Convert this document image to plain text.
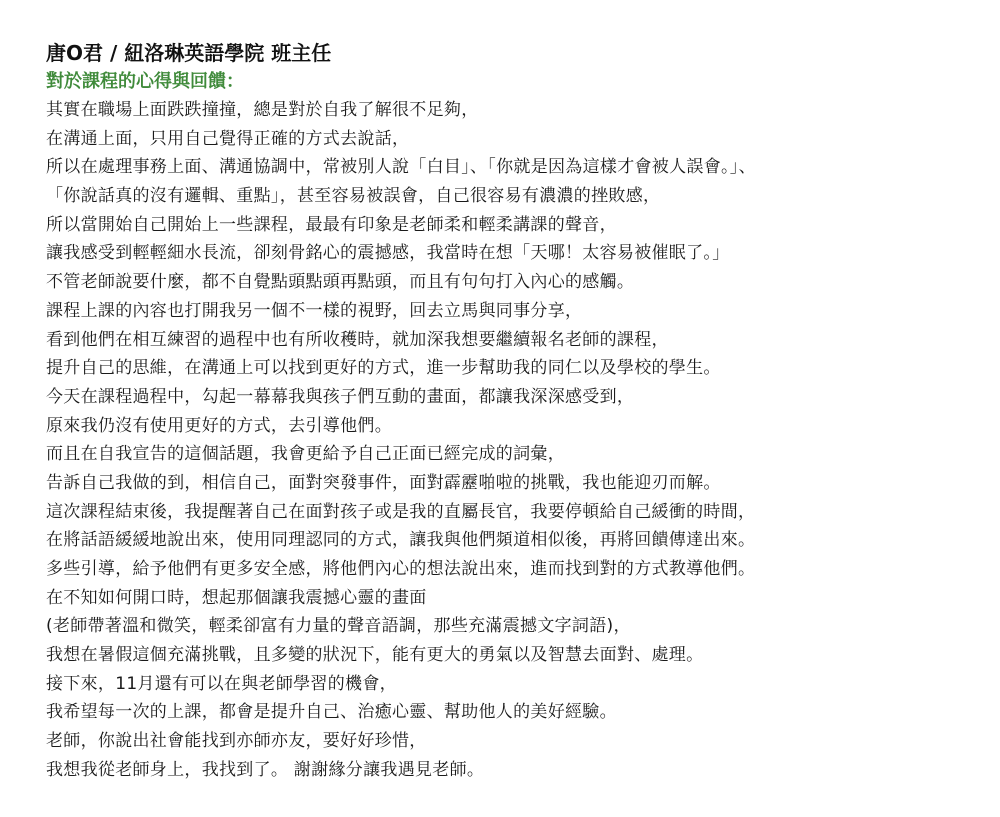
唐O君 / 紐洛琳英語學院 班主任
對於課程的心得與回饋：
其實在職場上面跌跌撞撞，總是對於自我了解很不足夠，
在溝通上面，只用自己覺得正確的方式去說話，
所以在處理事務上面、溝通協調中，常被別人說「白目」、「你就是因為這樣才會被人誤會。」、
「你說話真的沒有邏輯、重點」，甚至容易被誤會，自己很容易有濃濃的挫敗感，
所以當開始自己開始上一些課程，最最有印象是老師柔和輕柔講課的聲音，
讓我感受到輕輕細水長流，卻刻骨銘心的震撼感，我當時在想「天哪！太容易被催眠了。」
不管老師說要什麼，都不自覺點頭點頭再點頭，而且有句句打入內心的感觸。
課程上課的內容也打開我另一個不一樣的視野，回去立馬與同事分享，
看到他們在相互練習的過程中也有所收穫時，就加深我想要繼續報名老師的課程，
提升自己的思維，在溝通上可以找到更好的方式，進一步幫助我的同仁以及學校的學生。
今天在課程過程中，勾起一幕幕我與孩子們互動的畫面，都讓我深深感受到，
原來我仍沒有使用更好的方式，去引導他們。
而且在自我宣告的這個話題，我會更給予自己正面已經完成的詞彙，
告訴自己我做的到，相信自己，面對突發事件，面對霹靂啪啦的挑戰，我也能迎刃而解。
這次課程結束後，我提醒著自己在面對孩子或是我的直屬長官，我要停頓給自己緩衝的時間，
在將話語緩緩地說出來，使用同理認同的方式，讓我與他們頻道相似後，再將回饋傳達出來。
多些引導，給予他們有更多安全感，將他們內心的想法說出來，進而找到對的方式教導他們。
在不知如何開口時，想起那個讓我震撼心靈的畫面
(老師帶著溫和微笑，輕柔卻富有力量的聲音語調，那些充滿震撼文字詞語)，
我想在暑假這個充滿挑戰，且多變的狀況下，能有更大的勇氣以及智慧去面對、處理。
接下來，11月還有可以在與老師學習的機會，
我希望每一次的上課，都會是提升自己、治癒心靈、幫助他人的美好經驗。
老師，你說出社會能找到亦師亦友，要好好珍惜，
我想我從老師身上，我找到了。 謝謝緣分讓我遇見老師。
